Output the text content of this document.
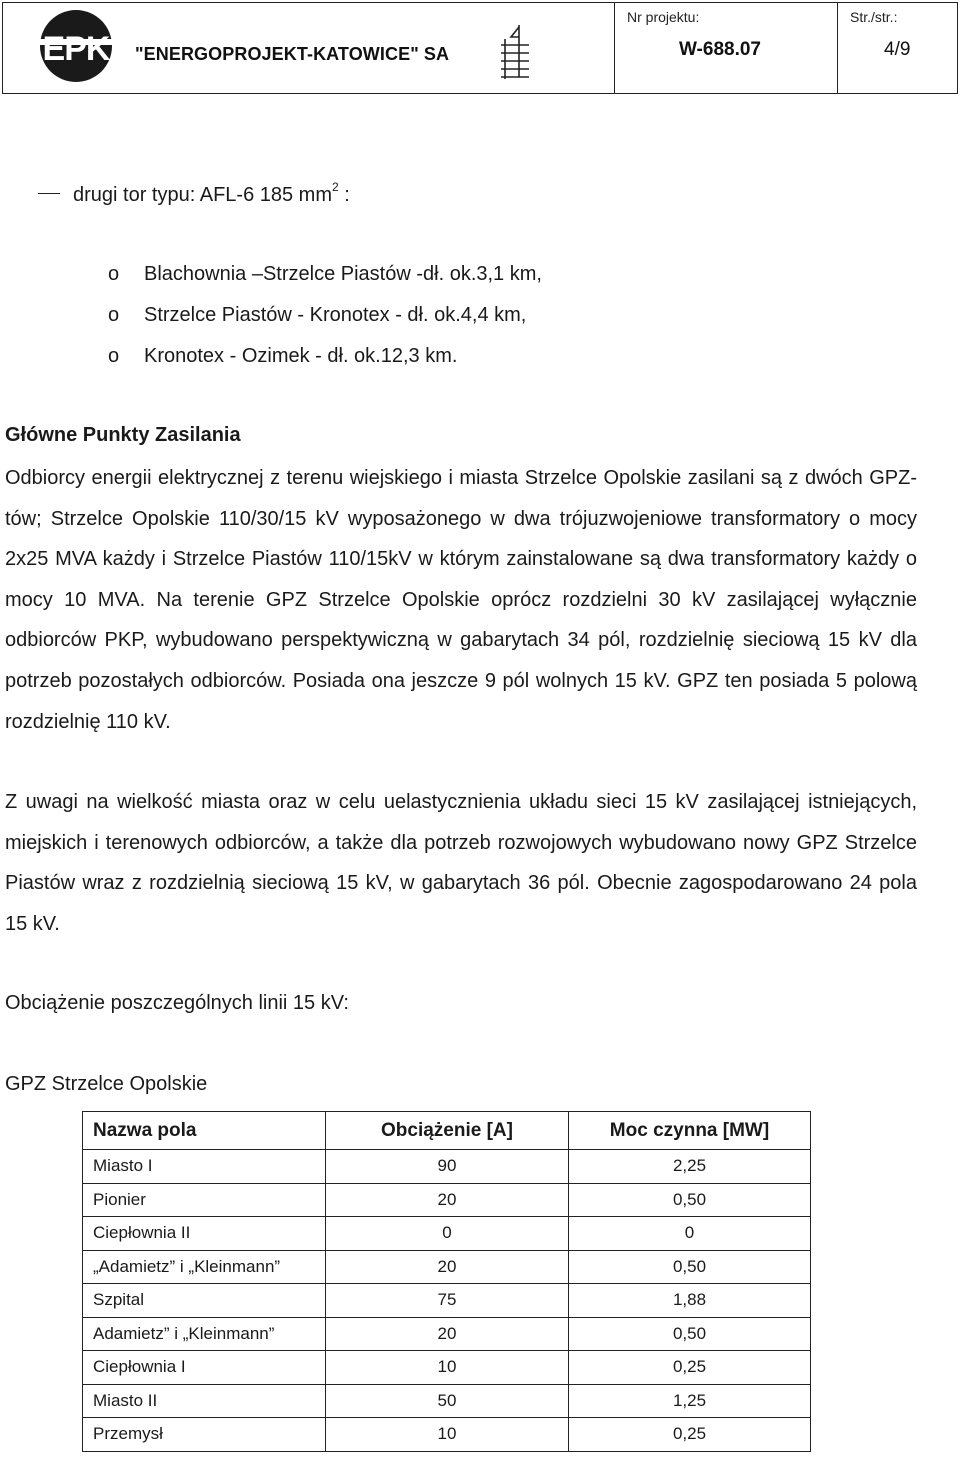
EPK "ENERGOPROJEKT-KATOWICE" SA
Nr projektu:
W-688.07
Str./str.:
4/9
drugi tor typu: AFL-6 185 $mm^2$ :
o Blachownia –Strzelce Piastów -dł. ok.3,1 km,
o Strzelce Piastów - Kronotex - dł. ok.4,4 km,
o Kronotex - Ozimek - dł. ok.12,3 km.
Główne Punkty Zasilania

Odbiorcy energii elektrycznej z terenu wiejskiego i miasta Strzelce Opolskie zasilani są z dwóch GPZ-tów; Strzelce Opolskie 110/30/15 kV wyposażonego w dwa trójuzwojeniowe transformatory o mocy 2x25 MVA każdy i Strzelce Piastów 110/15kV w którym zainstalowane są dwa transformatory każdy o mocy 10 MVA. Na terenie GPZ Strzelce Opolskie oprócz rozdzielni 30 kV zasilającej wyłącznie odbiorców PKP, wybudowano perspektywiczną w gabarytach 34 pól, rozdzielnię sieciową 15 kV dla potrzeb pozostałych odbiorców. Posiada ona jeszcze 9 pól wolnych 15 kV. GPZ ten posiada 5 polową rozdzielnię 110 kV.

Z uwagi na wielkość miasta oraz w celu uelastycznienia układu sieci 15 kV zasilającej istniejących, miejskich i terenowych odbiorców, a także dla potrzeb rozwojowych wybudowano nowy GPZ Strzelce Piastów wraz z rozdzielnią sieciową 15 kV, w gabarytach 36 pól. Obecnie zagospodarowano 24 pola 15 kV.

Obciążenie poszczególnych linii 15 kV:
GPZ Strzelce Opolskie
Nazwa pola	Obciążenie [A]	Moc czynna [MW]
Miasto I	90	2,25
Pionier	20	0,50
Ciepłownia II	0	0
„Adamietz” i „Kleinmann”	20	0,50
Szpital	75	1,88
Adamietz” i „Kleinmann”	20	0,50
Ciepłownia I	10	0,25
Miasto II	50	1,25
Przemysł	10	0,25
